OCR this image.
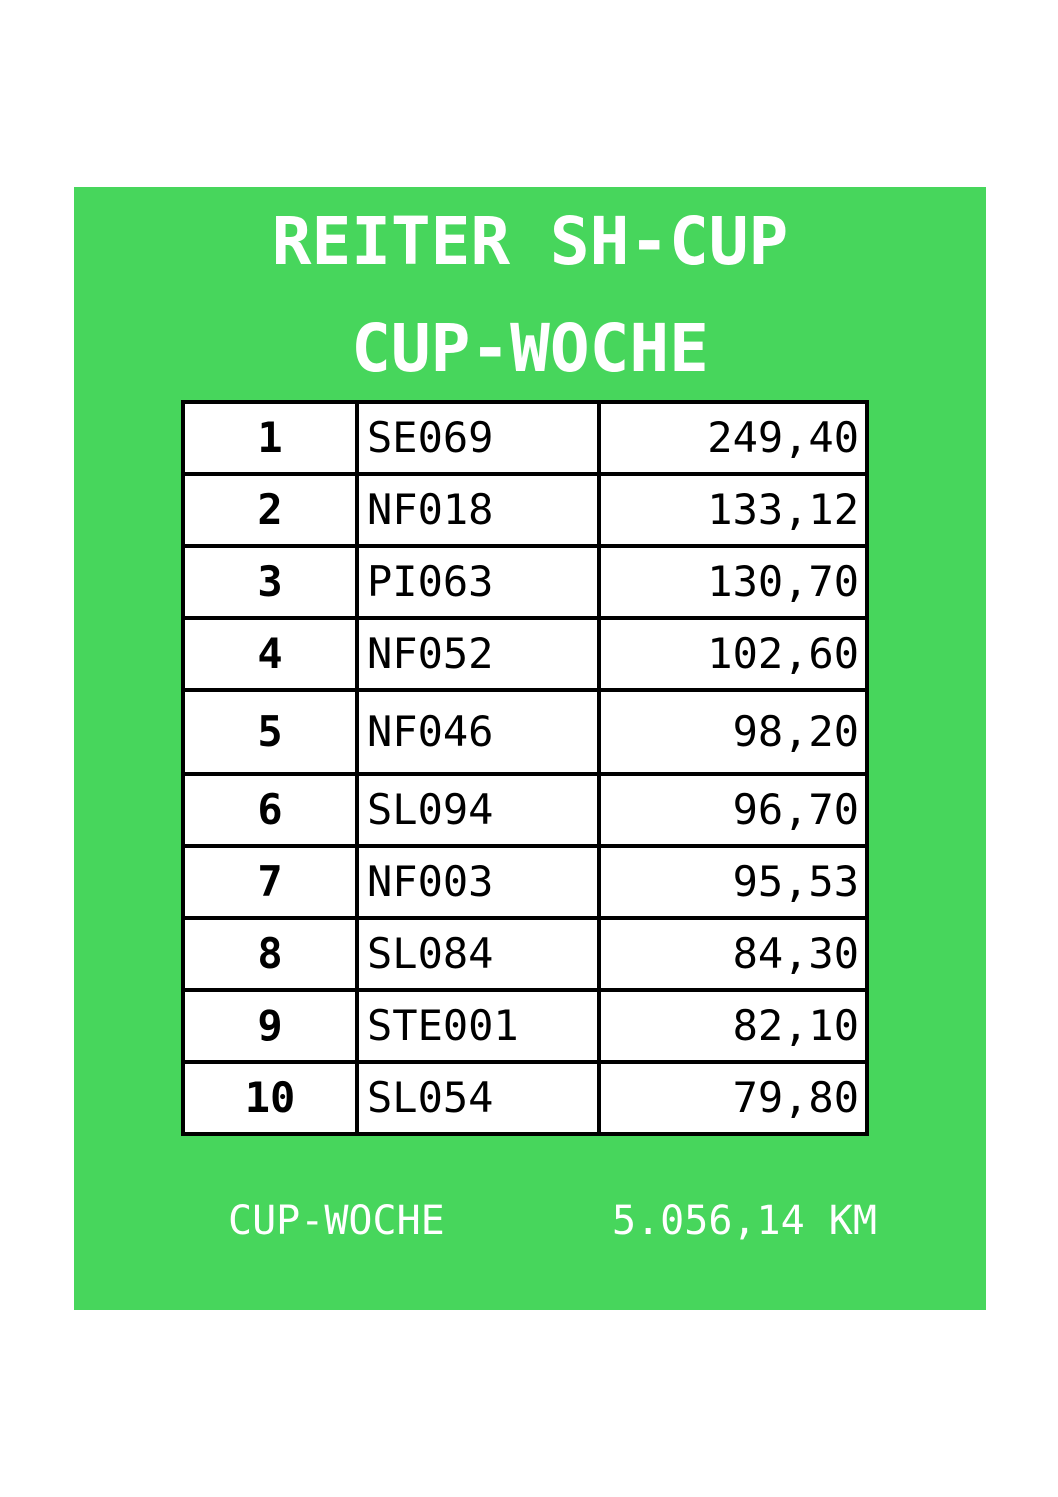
REITER SH-CUP
CUP-WOCHE
1	SE069	249,40
2	NF018	133,12
3	PI063	130,70
4	NF052	102,60
5	NF046	98,20
6	SL094	96,70
7	NF003	95,53
8	SL084	84,30
9	STE001	82,10
10	SL054	79,80
CUP-WOCHE	5.056,14 KM
